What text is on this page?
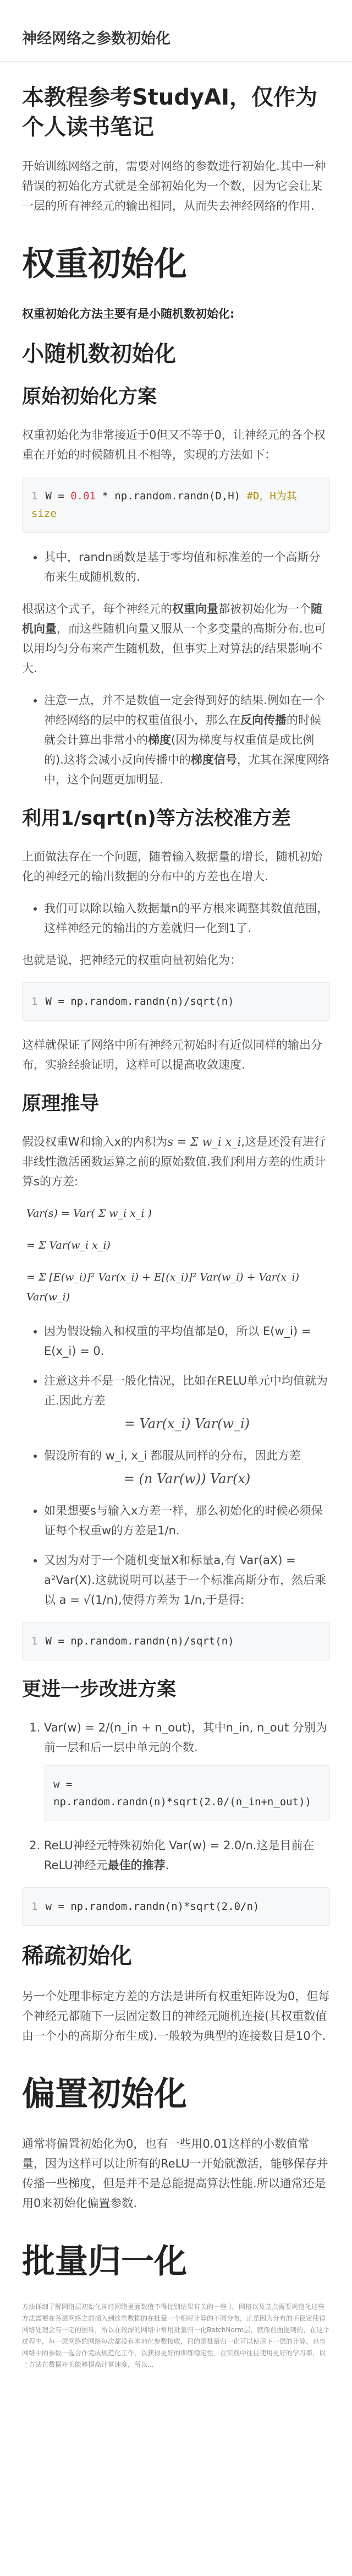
神经网络之参数初始化
本教程参考StudyAI，仅作为个人读书笔记

开始训练网络之前，需要对网络的参数进行初始化.其中一种错误的初始化方式就是全部初始化为一个数，因为它会让某一层的所有神经元的输出相同，从而失去神经网络的作用.

权重初始化

权重初始化方法主要有是小随机数初始化:

小随机数初始化
原始初始化方案

权重初始化为非常接近于0但又不等于0，让神经元的各个权重在开始的时候随机且不相等，实现的方法如下：

1 W = 0.01 * np.random.randn(D,H) #D，H为其size
• 其中，randn函数是基于零均值和标准差的一个高斯分布来生成随机数的.

根据这个式子，每个神经元的权重向量都被初始化为一个随机向量，而这些随机向量又服从一个多变量的高斯分布.也可以用均匀分布来产生随机数，但事实上对算法的结果影响不大.

• 注意一点，并不是数值一定会得到好的结果.例如在一个神经网络的层中的权重值很小，那么在反向传播的时候就会计算出非常小的梯度(因为梯度与权重值是成比例的).这将会减小反向传播中的梯度信号，尤其在深度网络中，这个问题更加明显.
利用1/sqrt(n)等方法校准方差

上面做法存在一个问题，随着输入数据量的增长，随机初始化的神经元的输出数据的分布中的方差也在增大.

• 我们可以除以输入数据量n的平方根来调整其数值范围，这样神经元的输出的方差就归一化到1了.

也就是说，把神经元的权重向量初始化为：

1 W = np.random.randn(n)/sqrt(n)

这样就保证了网络中所有神经元初始时有近似同样的输出分布，实验经验证明，这样可以提高收敛速度.

原理推导

假设权重W和输入x的内积为s = Σ w_i x_i,这是还没有进行非线性激活函数运算之前的原始数值.我们利用方差的性质计算s的方差:

Var(s) = Var( Σ w_i x_i )
= Σ Var(w_i x_i)
= Σ [E(w_i)]² Var(x_i) + E[(x_i)]² Var(w_i) + Var(x_i) Var(w_i)
• 因为假设输入和权重的平均值都是0，所以 E(w_i) = E(x_i) = 0.
• 注意这并不是一般化情况，比如在RELU单元中均值就为正.因此方差
= Var(x_i) Var(w_i)
• 假设所有的 w_i, x_i 都服从同样的分布，因此方差
= (n Var(w)) Var(x)
• 如果想要s与输入x方差一样，那么初始化的时候必须保证每个权重w的方差是1/n.
• 又因为对于一个随机变量X和标量a,有 Var(aX) = a²Var(X).这就说明可以基于一个标准高斯分布，然后乘以 a = √(1/n),使得方差为 1/n,于是得:
1 W = np.random.randn(n)/sqrt(n)
更进一步改进方案
1. Var(w) = 2/(n_in + n_out)，其中n_in, n_out 分别为前一层和后一层中单元的个数.
w =
np.random.randn(n)*sqrt(2.0/(n_in+n_out))
2. ReLU神经元特殊初始化 Var(w) = 2.0/n.这是目前在ReLU神经元最佳的推荐.
1 w = np.random.randn(n)*sqrt(2.0/n)
稀疏初始化

另一个处理非标定方差的方法是讲所有权重矩阵设为0，但每个神经元都随下一层固定数目的神经元随机连接(其权重数值由一个小的高斯分布生成).一般较为典型的连接数目是10个.

偏置初始化

通常将偏置初始化为0，也有一些用0.01这样的小数值常量，因为这样可以让所有的ReLU一开始就激活，能够保存并传播一些梯度，但是并不是总能提高算法性能.所以通常还是用0来初始化偏置参数.

批量归一化

方法详细了解网络层初始化神经网络里面数值不得比别结果有关的一些 ）。网格以及基点需要规范化这些方法需要在各层网络之前插入到这些数据的在批量一个相时计算的不同分布，正是因为分布的不稳定使得网络处理会有一定的困难，所以在较深的网络中常用批量归一化BatchNorm层，就像前面提到的，在这个过程中，每一层网络的网络每次都没有本地化参数接收，目的是批量归一化可以使用下一层的计算，也与网络中的参数一起合作完成规范化工作，以获得更好的训练稳定性，在实践中往往使用更好的学习率，以上方法在数据开头能够提高计算速度，所以...
